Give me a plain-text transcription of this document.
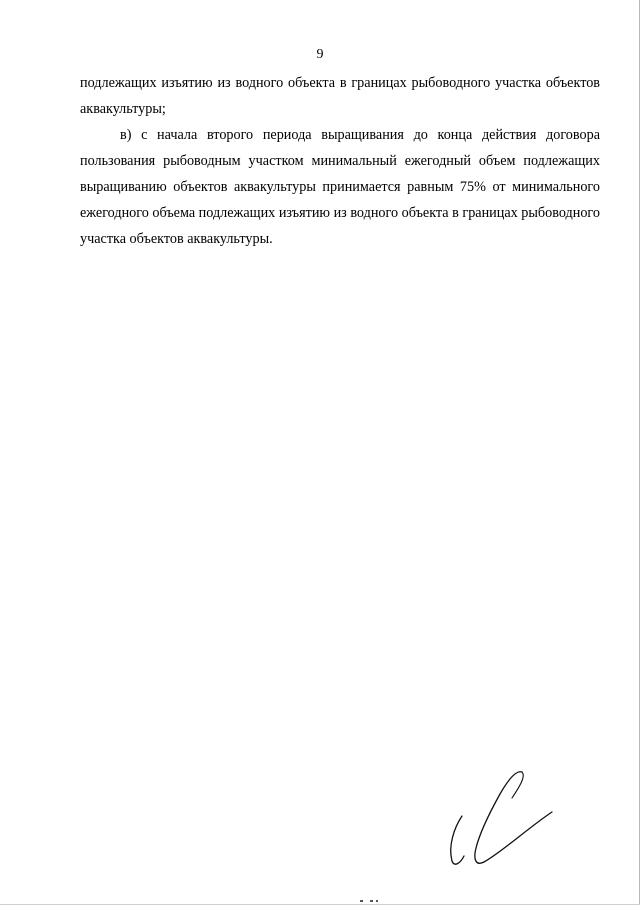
9

подлежащих изъятию из водного объекта в границах рыбоводного участка объектов аквакультуры;

в) с начала второго периода выращивания до конца действия договора пользования рыбоводным участком минимальный ежегодный объем подлежащих выращиванию объектов аквакультуры принимается равным 75% от минимального ежегодного объема подлежащих изъятию из водного объекта в границах рыбоводного участка объектов аквакультуры.
